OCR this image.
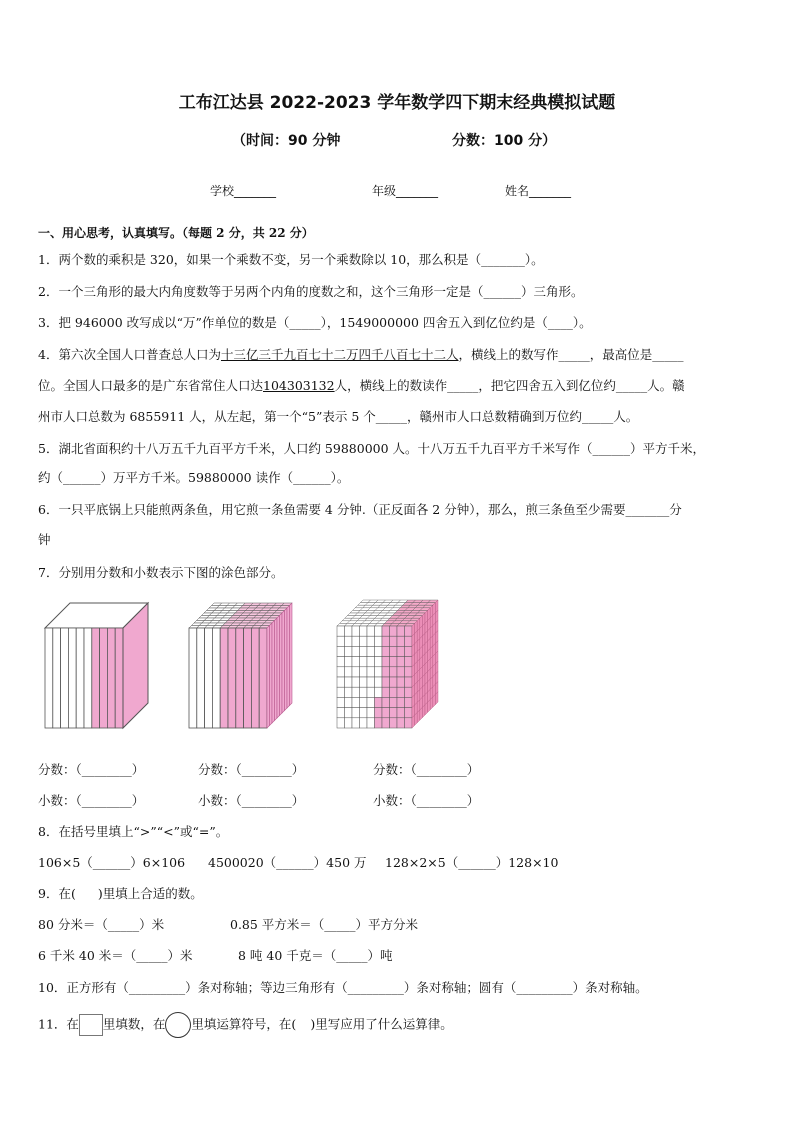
工布江达县 2022-2023 学年数学四下期末经典模拟试题
（时间：90 分钟	分数：100 分）
学校_______	年级_______	姓名_______
一、用心思考，认真填写。（每题 2 分，共 22 分）
1．两个数的乘积是 320，如果一个乘数不变，另一个乘数除以 10，那么积是（_______）。
2．一个三角形的最大内角度数等于另两个内角的度数之和，这个三角形一定是（______）三角形。
3．把 946000 改写成以“万”作单位的数是（_____），1549000000 四舍五入到亿位约是（____）。
4．第六次全国人口普查总人口为十三亿三千九百七十二万四千八百七十二人，横线上的数写作_____，最高位是_____
位。全国人口最多的是广东省常住人口达104303132人，横线上的数读作_____，把它四舍五入到亿位约_____人。赣
州市人口总数为 6855911 人，从左起，第一个“5”表示 5 个_____，赣州市人口总数精确到万位约_____人。
5．湖北省面积约十八万五千九百平方千米，人口约 59880000 人。十八万五千九百平方千米写作（______）平方千米，
约（______）万平方千米。59880000 读作（______）。
6．一只平底锅上只能煎两条鱼，用它煎一条鱼需要 4 分钟.（正反面各 2 分钟），那么，煎三条鱼至少需要_______分
钟
7．分别用分数和小数表示下图的涂色部分。
分数：（________）	分数：（________）	分数：（________）
小数：（________）	小数：（________）	小数：（________）
8．在括号里填上“>”“<”或“=”。
106×5（______）6×106 4500020（______）450 万 128×2×5（______）128×10
9．在( )里填上合适的数。
80 分米＝（_____）米	0.85 平方米＝（_____）平方分米
6 千米 40 米＝（_____）米	8 吨 40 千克＝（_____）吨
10．正方形有（_________）条对称轴；等边三角形有（_________）条对称轴；圆有（_________）条对称轴。
11．在 里填数，在 里填运算符号，在( )里写应用了什么运算律。
